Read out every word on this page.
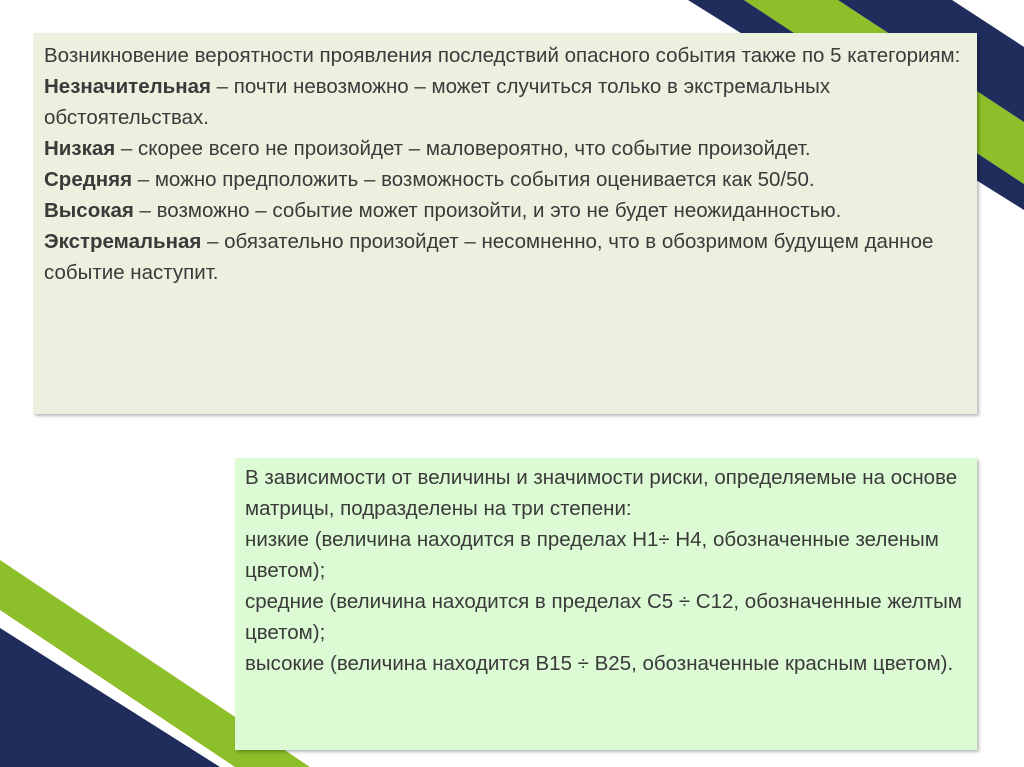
Возникновение вероятности проявления последствий опасного события также по 5 категориям:

Незначительная – почти невозможно – может случиться только в экстремальных обстоятельствах.

Низкая – скорее всего не произойдет – маловероятно, что событие произойдет.

Средняя – можно предположить – возможность события оценивается как 50/50.

Высокая – возможно – событие может произойти, и это не будет неожиданностью.

Экстремальная – обязательно произойдет – несомненно, что в обозримом будущем данное событие наступит.

В зависимости от величины и значимости риски, определяемые на основе матрицы, подразделены на три степени:

низкие (величина находится в пределах Н1÷ Н4, обозначенные зеленым цветом);

средние (величина находится в пределах С5 ÷ С12, обозначенные желтым цветом);

высокие (величина находится В15 ÷ В25, обозначенные красным цветом).
